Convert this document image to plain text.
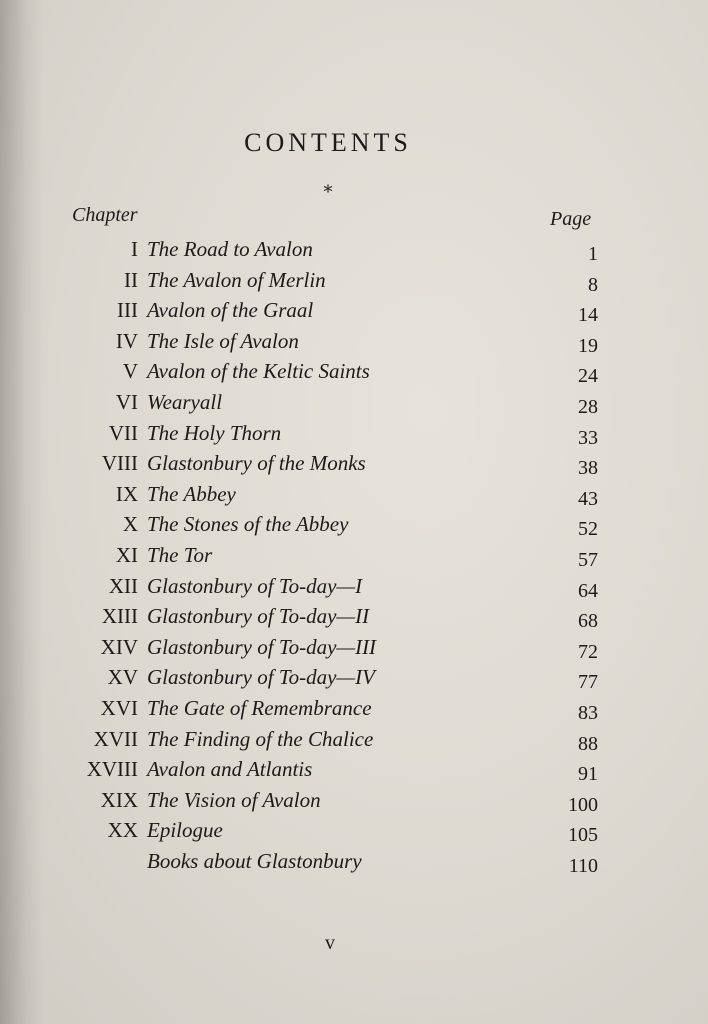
CONTENTS
*
Chapter	Page
I The Road to Avalon	1
II The Avalon of Merlin	8
III Avalon of the Graal	14
IV The Isle of Avalon	19
V Avalon of the Keltic Saints	24
VI Wearyall	28
VII The Holy Thorn	33
VIII Glastonbury of the Monks	38
IX The Abbey	43
X The Stones of the Abbey	52
XI The Tor	57
XII Glastonbury of To-day—I	64
XIII Glastonbury of To-day—II	68
XIV Glastonbury of To-day—III	72
XV Glastonbury of To-day—IV	77
XVI The Gate of Remembrance	83
XVII The Finding of the Chalice	88
XVIII Avalon and Atlantis	91
XIX The Vision of Avalon	100
XX Epilogue	105
Books about Glastonbury	110
v
